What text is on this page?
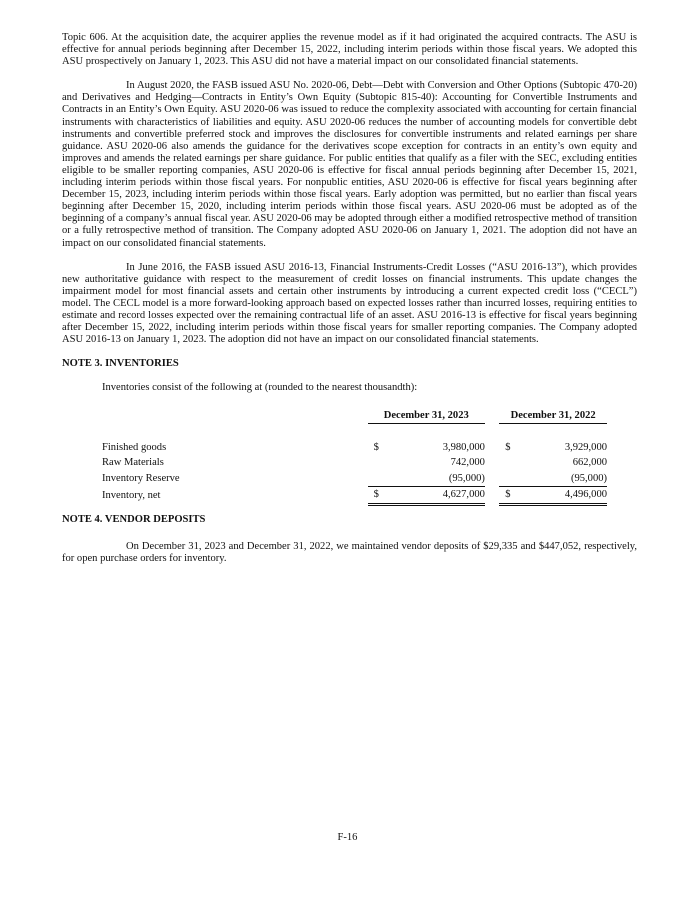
Topic 606. At the acquisition date, the acquirer applies the revenue model as if it had originated the acquired contracts. The ASU is effective for annual periods beginning after December 15, 2022, including interim periods within those fiscal years. We adopted this ASU prospectively on January 1, 2023. This ASU did not have a material impact on our consolidated financial statements.

In August 2020, the FASB issued ASU No. 2020-06, Debt—Debt with Conversion and Other Options (Subtopic 470-20) and Derivatives and Hedging—Contracts in Entity’s Own Equity (Subtopic 815-40): Accounting for Convertible Instruments and Contracts in an Entity’s Own Equity. ASU 2020-06 was issued to reduce the complexity associated with accounting for certain financial instruments with characteristics of liabilities and equity. ASU 2020-06 reduces the number of accounting models for convertible debt instruments and convertible preferred stock and improves the disclosures for convertible instruments and related earnings per share guidance. ASU 2020-06 also amends the guidance for the derivatives scope exception for contracts in an entity’s own equity and improves and amends the related earnings per share guidance. For public entities that qualify as a filer with the SEC, excluding entities eligible to be smaller reporting companies, ASU 2020-06 is effective for fiscal annual periods beginning after December 15, 2021, including interim periods within those fiscal years. For nonpublic entities, ASU 2020-06 is effective for fiscal years beginning after December 15, 2023, including interim periods within those fiscal years. Early adoption was permitted, but no earlier than fiscal years beginning after December 15, 2020, including interim periods within those fiscal years. ASU 2020-06 must be adopted as of the beginning of a company’s annual fiscal year. ASU 2020-06 may be adopted through either a modified retrospective method of transition or a fully retrospective method of transition. The Company adopted ASU 2020-06 on January 1, 2021. The adoption did not have an impact on our consolidated financial statements.

In June 2016, the FASB issued ASU 2016-13, Financial Instruments-Credit Losses (“ASU 2016-13”), which provides new authoritative guidance with respect to the measurement of credit losses on financial instruments. This update changes the impairment model for most financial assets and certain other instruments by introducing a current expected credit loss (“CECL”) model. The CECL model is a more forward-looking approach based on expected losses rather than incurred losses, requiring entities to estimate and record losses expected over the remaining contractual life of an asset. ASU 2016-13 is effective for fiscal years beginning after December 15, 2022, including interim periods within those fiscal years for smaller reporting companies. The Company adopted ASU 2016-13 on January 1, 2023. The adoption did not have an impact on our consolidated financial statements.

NOTE 3. INVENTORIES

Inventories consist of the following at (rounded to the nearest thousandth):

	December 31, 2023		December 31, 2022

Finished goods	$ 3,980,000		$ 3,929,000

Raw Materials	742,000		662,000
Inventory Reserve	(95,000)		(95,000)
Inventory, net	$ 4,627,000		$ 4,496,000
NOTE 4. VENDOR DEPOSITS

On December 31, 2023 and December 31, 2022, we maintained vendor deposits of $29,335 and $447,052, respectively, for open purchase orders for inventory.

F-16
